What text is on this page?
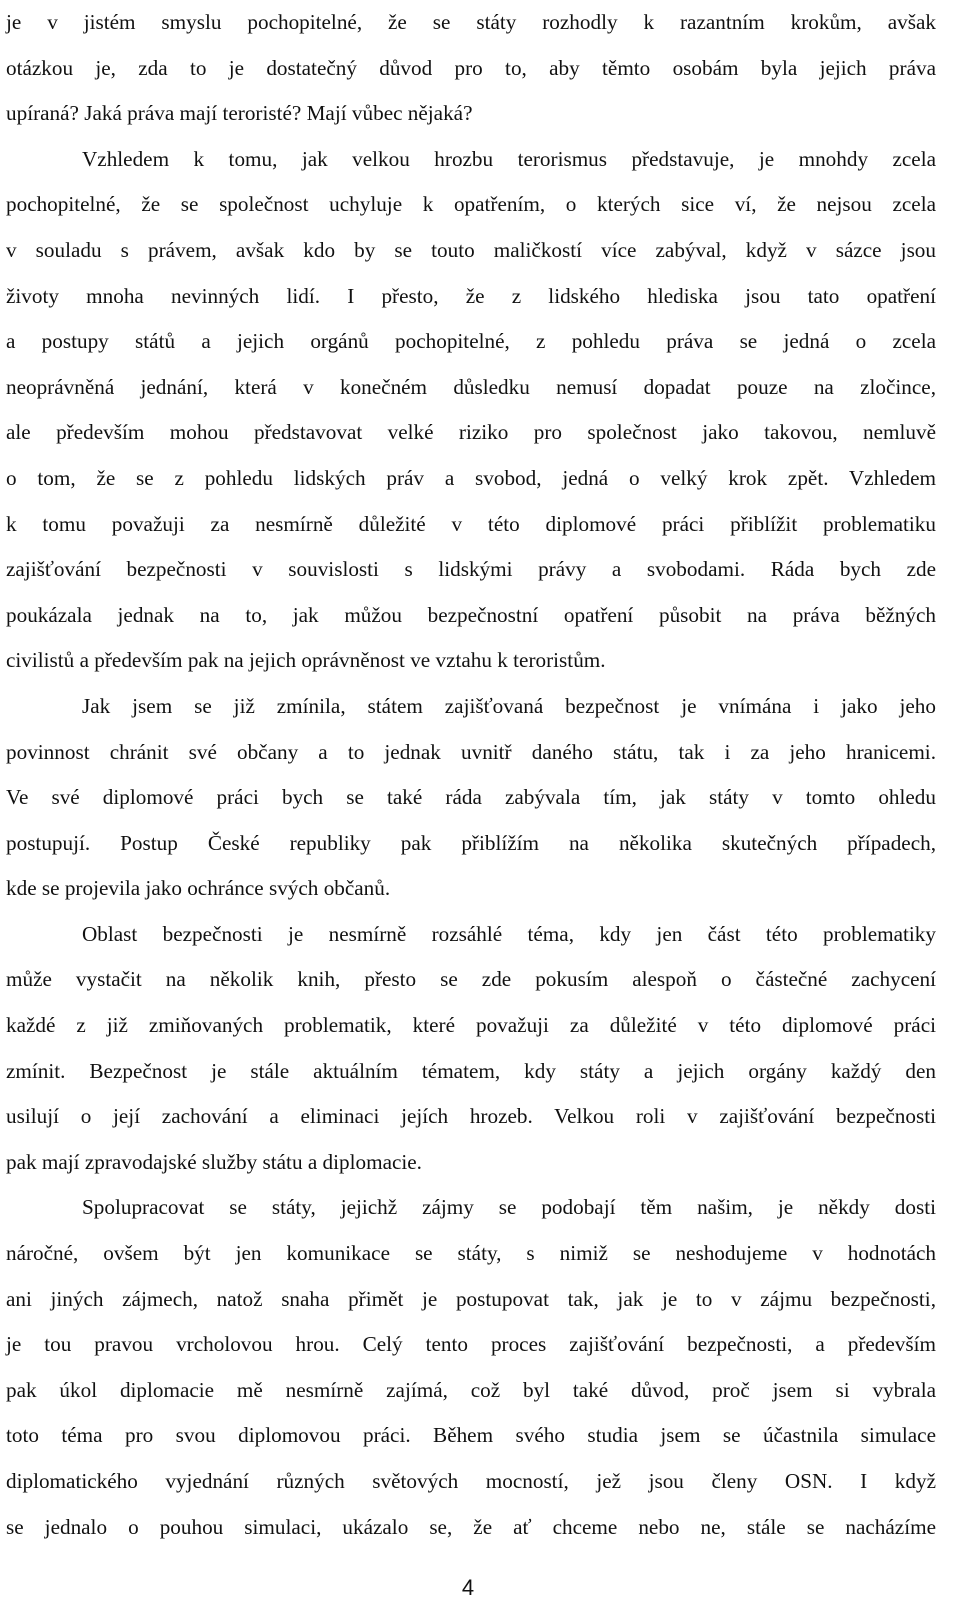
je v jistém smyslu pochopitelné, že se státy rozhodly k razantním krokům, avšak
otázkou je, zda to je dostatečný důvod pro to, aby těmto osobám byla jejich práva
upíraná? Jaká práva mají teroristé? Mají vůbec nějaká?
Vzhledem k tomu, jak velkou hrozbu terorismus představuje, je mnohdy zcela
pochopitelné, že se společnost uchyluje k opatřením, o kterých sice ví, že nejsou zcela
v souladu s právem, avšak kdo by se touto maličkostí více zabýval, když v sázce jsou
životy mnoha nevinných lidí. I přesto, že z lidského hlediska jsou tato opatření
a postupy států a jejich orgánů pochopitelné, z pohledu práva se jedná o zcela
neoprávněná jednání, která v konečném důsledku nemusí dopadat pouze na zločince,
ale především mohou představovat velké riziko pro společnost jako takovou, nemluvě
o tom, že se z pohledu lidských práv a svobod, jedná o velký krok zpět. Vzhledem
k tomu považuji za nesmírně důležité v této diplomové práci přiblížit problematiku
zajišťování bezpečnosti v souvislosti s lidskými právy a svobodami. Ráda bych zde
poukázala jednak na to, jak můžou bezpečnostní opatření působit na práva běžných
civilistů a především pak na jejich oprávněnost ve vztahu k teroristům.
Jak jsem se již zmínila, státem zajišťovaná bezpečnost je vnímána i jako jeho
povinnost chránit své občany a to jednak uvnitř daného státu, tak i za jeho hranicemi.
Ve své diplomové práci bych se také ráda zabývala tím, jak státy v tomto ohledu
postupují. Postup České republiky pak přiblížím na několika skutečných případech,
kde se projevila jako ochránce svých občanů.
Oblast bezpečnosti je nesmírně rozsáhlé téma, kdy jen část této problematiky
může vystačit na několik knih, přesto se zde pokusím alespoň o částečné zachycení
každé z již zmiňovaných problematik, které považuji za důležité v této diplomové práci
zmínit. Bezpečnost je stále aktuálním tématem, kdy státy a jejich orgány každý den
usilují o její zachování a eliminaci jejích hrozeb. Velkou roli v zajišťování bezpečnosti
pak mají zpravodajské služby státu a diplomacie.
Spolupracovat se státy, jejichž zájmy se podobají těm našim, je někdy dosti
náročné, ovšem být jen komunikace se státy, s nimiž se neshodujeme v hodnotách
ani jiných zájmech, natož snaha přimět je postupovat tak, jak je to v zájmu bezpečnosti,
je tou pravou vrcholovou hrou. Celý tento proces zajišťování bezpečnosti, a především
pak úkol diplomacie mě nesmírně zajímá, což byl také důvod, proč jsem si vybrala
toto téma pro svou diplomovou práci. Během svého studia jsem se účastnila simulace
diplomatického vyjednání různých světových mocností, jež jsou členy OSN. I když
se jednalo o pouhou simulaci, ukázalo se, že ať chceme nebo ne, stále se nacházíme
4
